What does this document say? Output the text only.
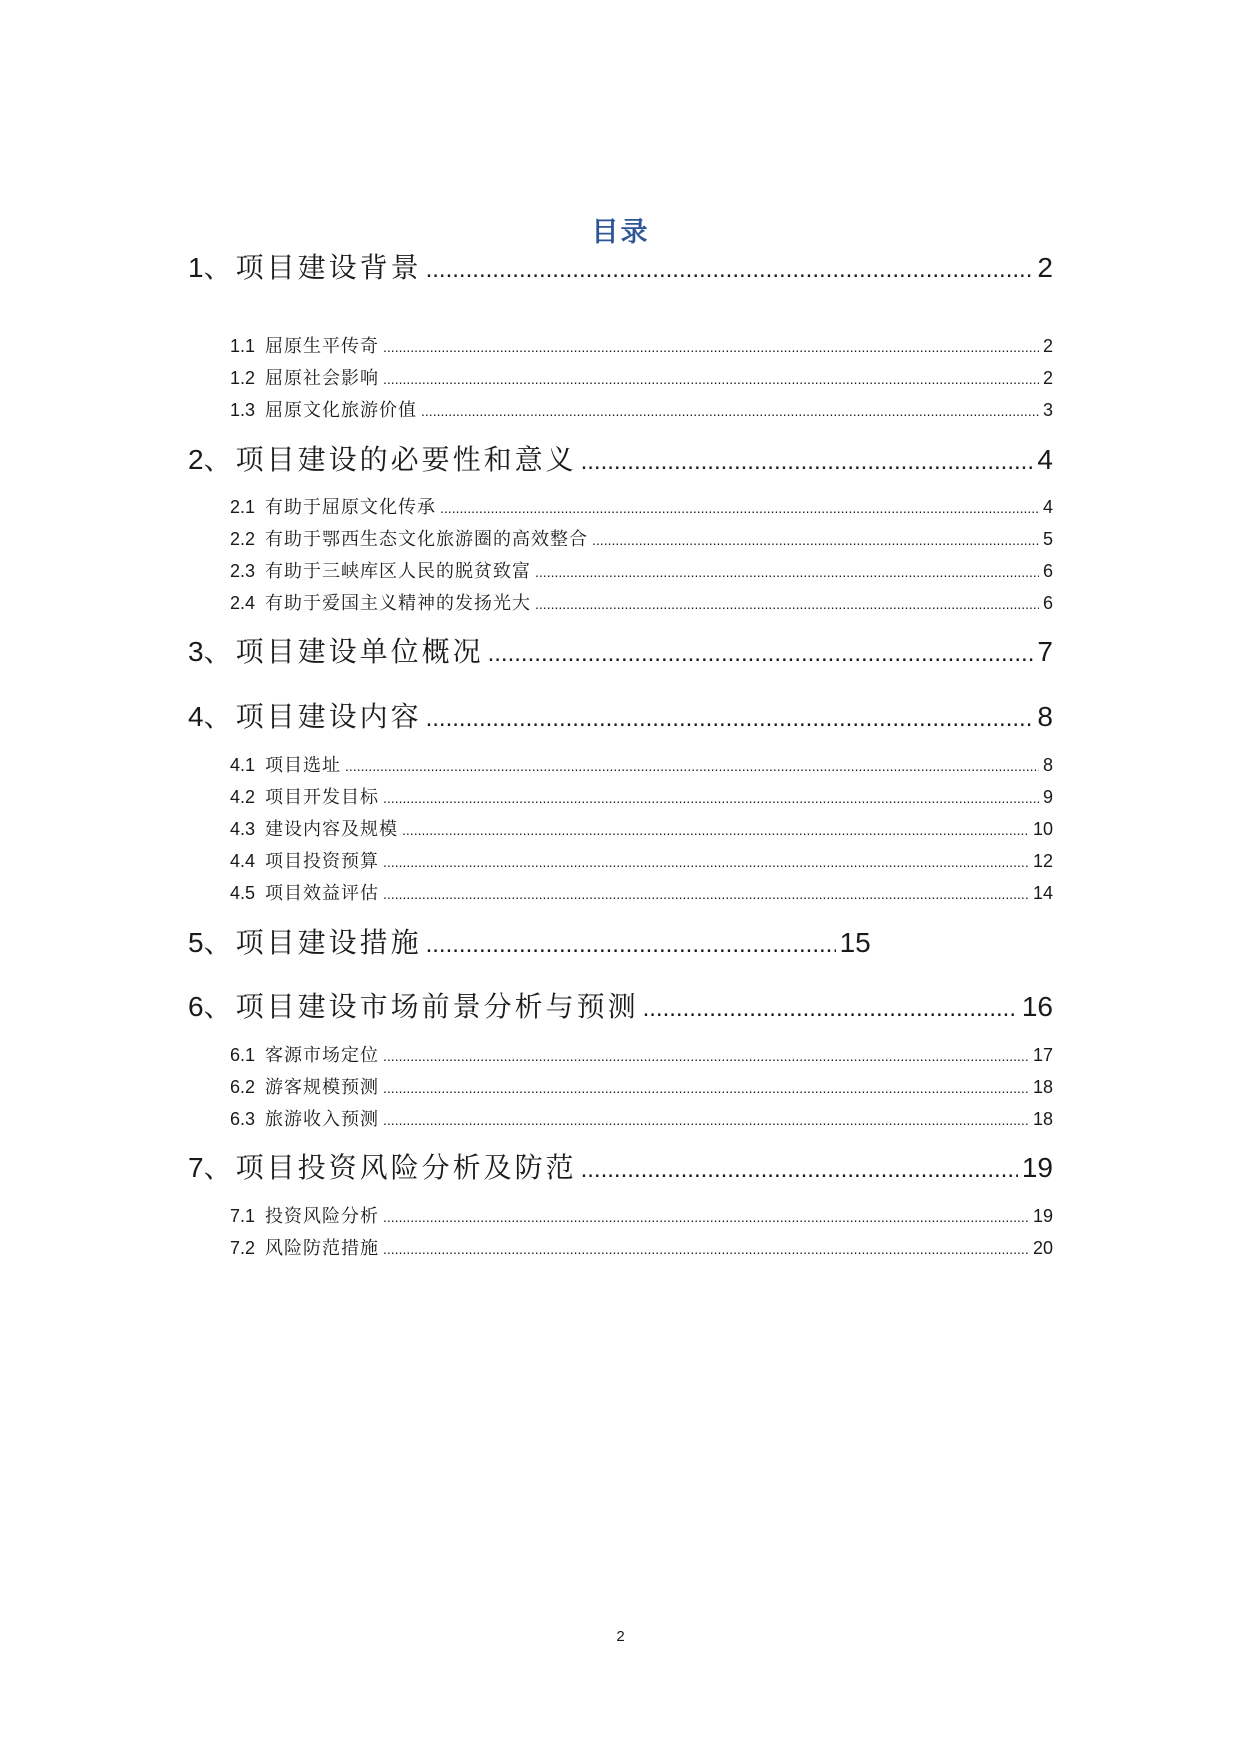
目录
1、 项目建设背景 .....	2
1.1 屈原生平传奇 .....	2
1.2 屈原社会影响 .....	2
1.3 屈原文化旅游价值 .....	3
2、 项目建设的必要性和意义 .....	4
2.1 有助于屈原文化传承 .....	4
2.2 有助于鄂西生态文化旅游圈的高效整合 .....	5
2.3 有助于三峡库区人民的脱贫致富 .....	6
2.4 有助于爱国主义精神的发扬光大 .....	6
3、 项目建设单位概况 .....	7
4、 项目建设内容 .....	8
4.1 项目选址 .....	8
4.2 项目开发目标 .....	9
4.3 建设内容及规模 .....	10
4.4 项目投资预算 .....	12
4.5 项目效益评估 .....	14
5、 项目建设措施 .....	15
6、 项目建设市场前景分析与预测 .....	16
6.1 客源市场定位 .....	17
6.2 游客规模预测 .....	18
6.3 旅游收入预测 .....	18
7、 项目投资风险分析及防范 .....	19
7.1 投资风险分析 .....	19
7.2 风险防范措施 .....	20
2
